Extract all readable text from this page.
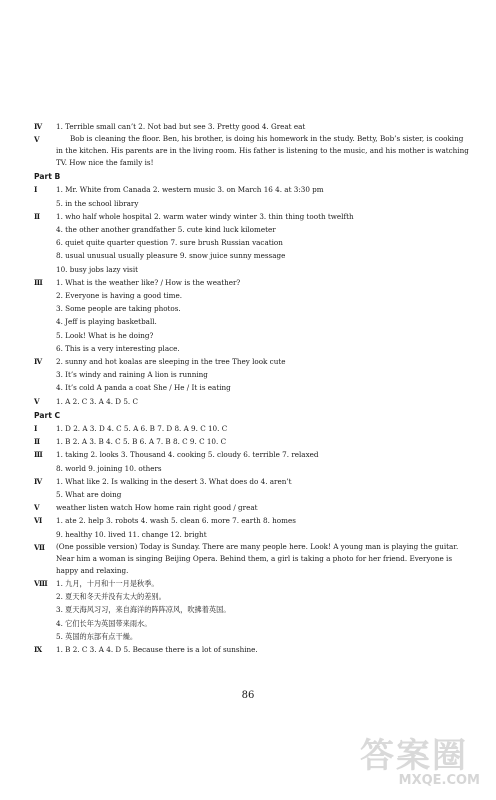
Ⅳ	1. Terrible small can’t 2. Not bad but see 3. Pretty good 4. Great eat
Ⅴ	Bob is cleaning the floor. Ben, his brother, is doing his homework in the study. Betty, Bob’s sister, is cooking in the kitchen. His parents are in the living room. His father is listening to the music, and his mother is watching TV. How nice the family is!
Part B
Ⅰ	1. Mr. White from Canada 2. western music 3. on March 16 4. at 3:30 pm
5. in the school library
Ⅱ	1. who half whole hospital 2. warm water windy winter 3. thin thing tooth twelfth
4. the other another grandfather 5. cute kind luck kilometer
6. quiet quite quarter question 7. sure brush Russian vacation
8. usual unusual usually pleasure 9. snow juice sunny message
10. busy jobs lazy visit
Ⅲ	1. What is the weather like? / How is the weather?
2. Everyone is having a good time.
3. Some people are taking photos.
4. Jeff is playing basketball.
5. Look! What is he doing?
6. This is a very interesting place.
Ⅳ	2. sunny and hot koalas are sleeping in the tree They look cute
3. It’s windy and raining A lion is running
4. It’s cold A panda a coat She / He / It is eating
Ⅴ	1. A 2. C 3. A 4. D 5. C
Part C
Ⅰ	1. D 2. A 3. D 4. C 5. A 6. B 7. D 8. A 9. C 10. C
Ⅱ	1. B 2. A 3. B 4. C 5. B 6. A 7. B 8. C 9. C 10. C
Ⅲ	1. taking 2. looks 3. Thousand 4. cooking 5. cloudy 6. terrible 7. relaxed
8. world 9. joining 10. others
Ⅳ	1. What like 2. Is walking in the desert 3. What does do 4. aren’t
5. What are doing
Ⅴ	weather listen watch How home rain right good / great
Ⅵ	1. ate 2. help 3. robots 4. wash 5. clean 6. more 7. earth 8. homes
9. healthy 10. lived 11. change 12. bright
Ⅶ (One possible version) Today is Sunday. There are many people here. Look! A young man is playing the guitar. Near him a woman is singing Beijing Opera. Behind them, a girl is taking a photo for her friend. Everyone is happy and relaxing.
Ⅷ 1. 九月，十月和十一月是秋季。
2. 夏天和冬天并没有太大的差别。
3. 夏天海风习习，来自海洋的阵阵凉风，吹拂着英国。
4. 它们长年为英国带来雨水。
5. 英国的东部有点干燥。
Ⅸ	1. B 2. C 3. A 4. D 5. Because there is a lot of sunshine.
86
答案圈
MXQE.COM
